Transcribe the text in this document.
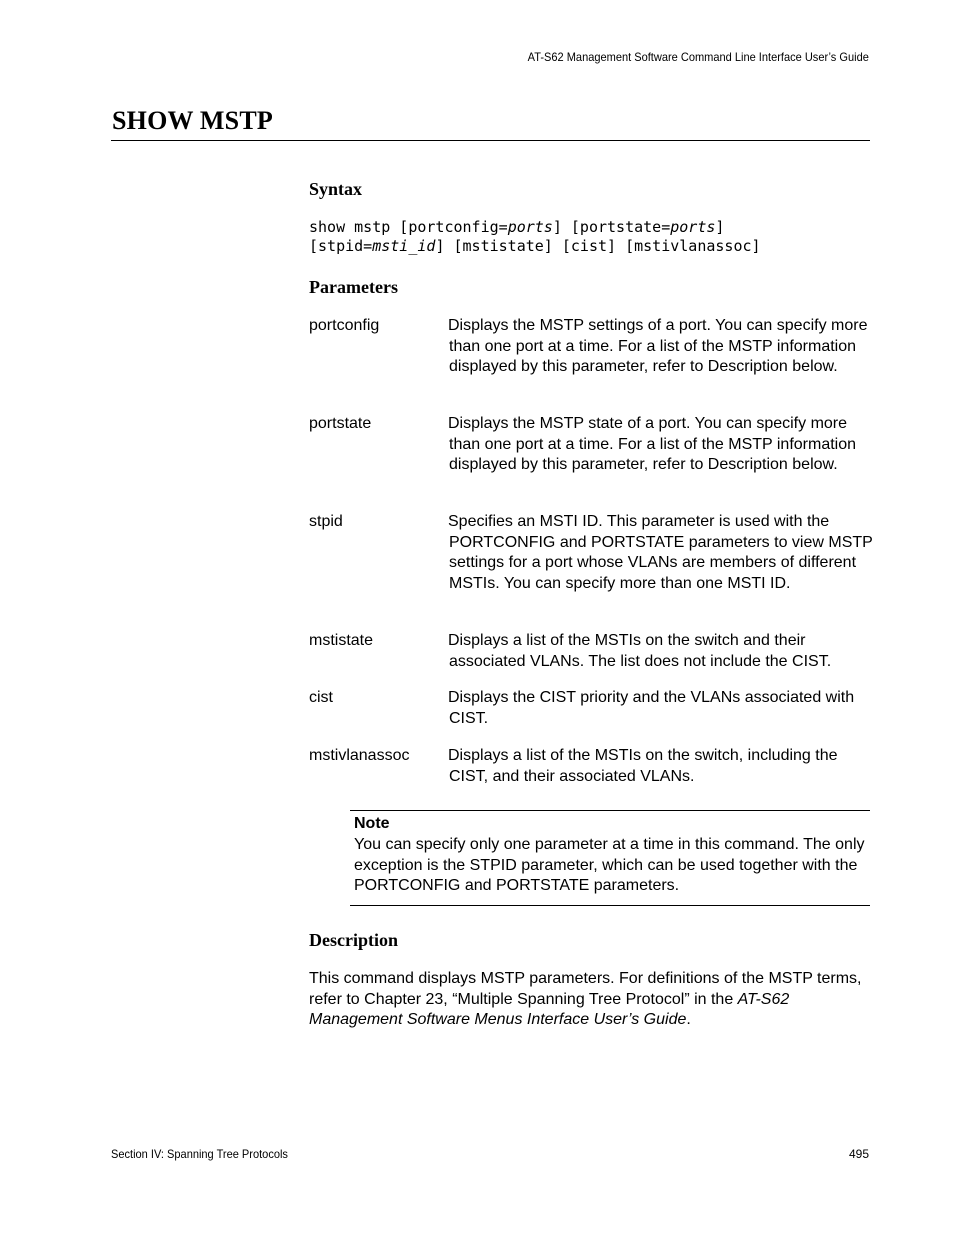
AT-S62 Management Software Command Line Interface User’s Guide
SHOW MSTP
Syntax
show mstp [portconfig=ports] [portstate=ports]
[stpid=msti_id] [mstistate] [cist] [mstivlanassoc]
Parameters
portconfig	Displays the MSTP settings of a port. You can specify more than one port at a time. For a list of the MSTP information displayed by this parameter, refer to Description below.
portstate	Displays the MSTP state of a port. You can specify more than one port at a time. For a list of the MSTP information displayed by this parameter, refer to Description below.
stpid	Specifies an MSTI ID. This parameter is used with the PORTCONFIG and PORTSTATE parameters to view MSTP settings for a port whose VLANs are members of different MSTIs. You can specify more than one MSTI ID.
mstistate	Displays a list of the MSTIs on the switch and their associated VLANs. The list does not include the CIST.
cist	Displays the CIST priority and the VLANs associated with CIST.
mstivlanassoc Displays a list of the MSTIs on the switch, including the CIST, and their associated VLANs.
Note
You can specify only one parameter at a time in this command. The only exception is the STPID parameter, which can be used together with the PORTCONFIG and PORTSTATE parameters.
Description
This command displays MSTP parameters. For definitions of the MSTP terms, refer to Chapter 23, “Multiple Spanning Tree Protocol” in the AT-S62 Management Software Menus Interface User’s Guide.
Section IV: Spanning Tree Protocols	495
